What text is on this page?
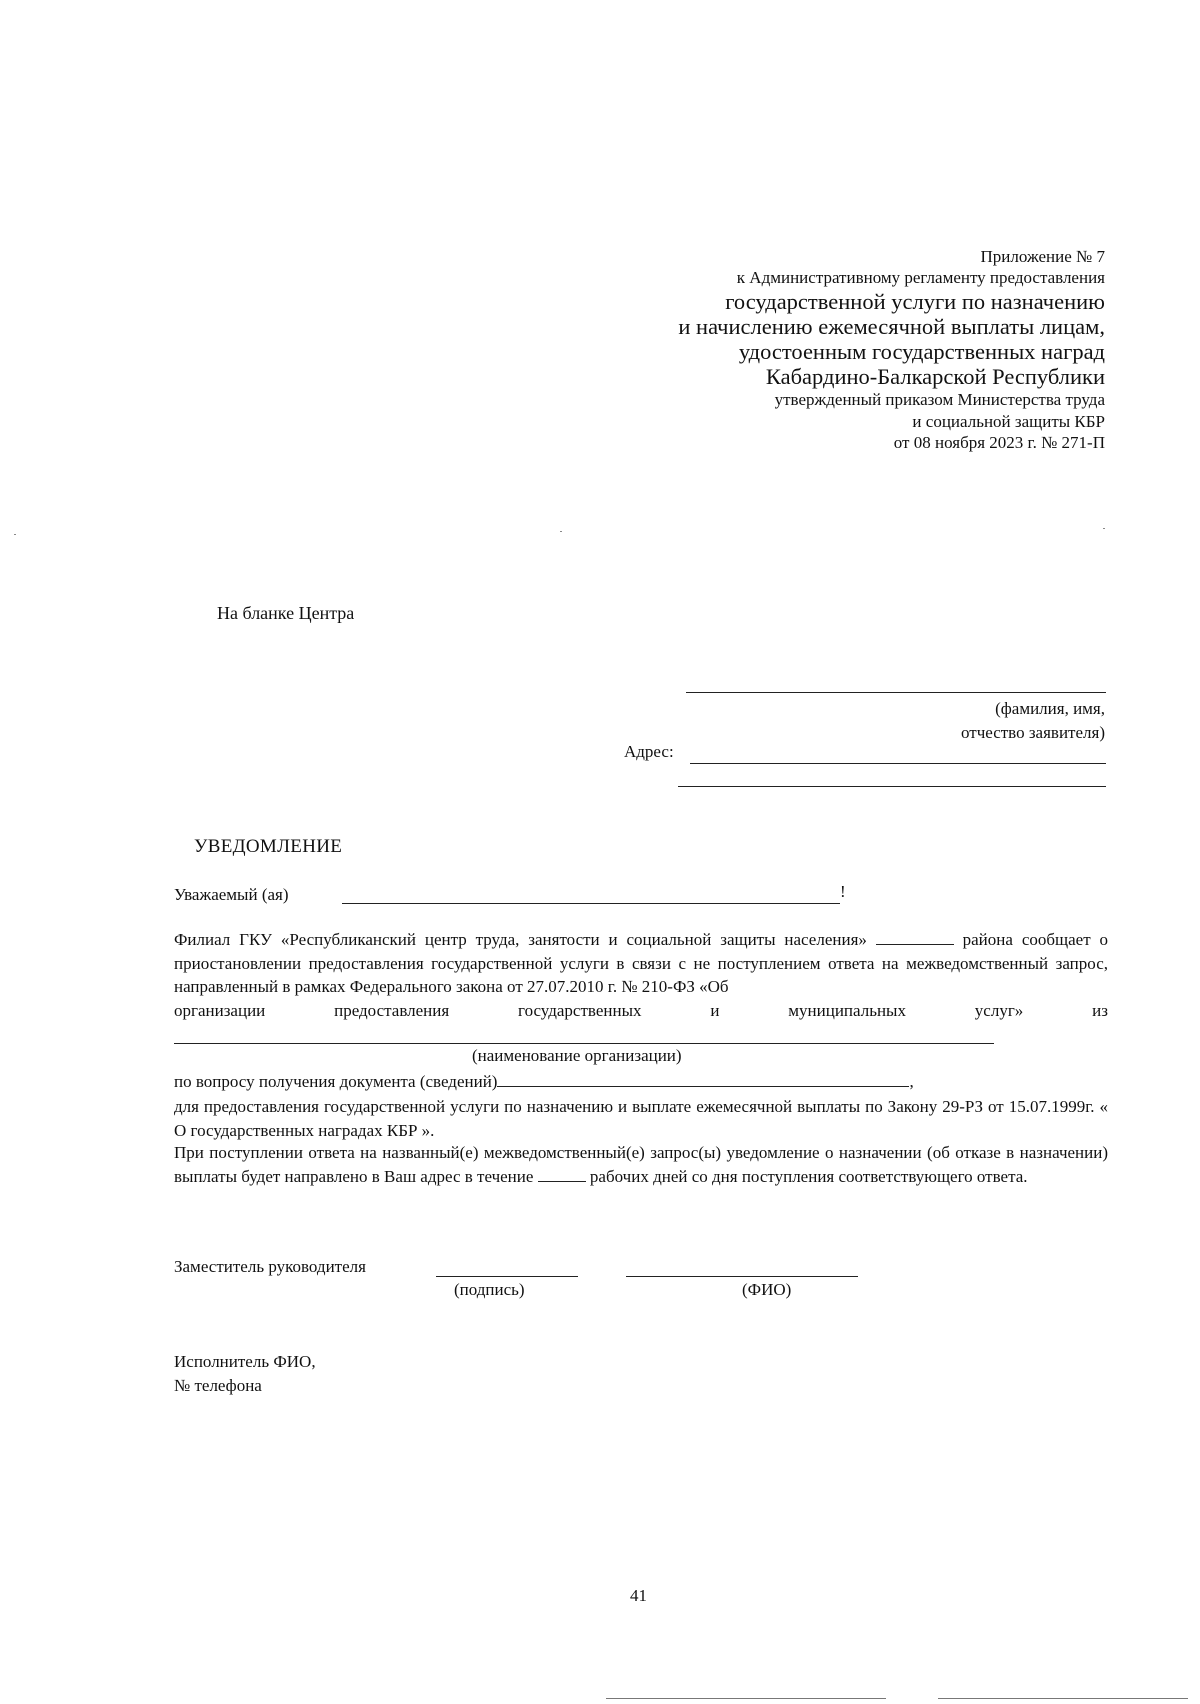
Приложение № 7
к Административному регламенту предоставления
государственной услуги по назначению
и начислению ежемесячной выплаты лицам,
удостоенным государственных наград
Кабардино-Балкарской Республики
утвержденный приказом Министерства труда
и социальной защиты КБР
от 08 ноября 2023 г. № 271-П
На бланке Центра
(фамилия, имя,
отчество заявителя)
Адрес:
УВЕДОМЛЕНИЕ
Уважаемый (ая)	!
Филиал ГКУ «Республиканский центр труда, занятости и социальной защиты населения»	района сообщает о приостановлении предоставления государственной услуги в связи с не поступлением ответа на межведомственный запрос, направленный в рамках Федерального закона от 27.07.2010 г. № 210-ФЗ «Об
организации	предоставления	государственных	и	муниципальных	услуг»	из
(наименование организации)
по вопросу получения документа (сведений)	,
для предоставления государственной услуги по назначению и выплате ежемесячной выплаты по Закону 29-РЗ от 15.07.1999г. « О государственных наградах КБР ».
При поступлении ответа на названный(е) межведомственный(е) запрос(ы) уведомление о назначении (об отказе в назначении) выплаты будет направлено в Ваш адрес в течение	рабочих дней со дня поступления соответствующего ответа.
Заместитель руководителя
(подпись)	(ФИО)
Исполнитель ФИО,
№ телефона
41
